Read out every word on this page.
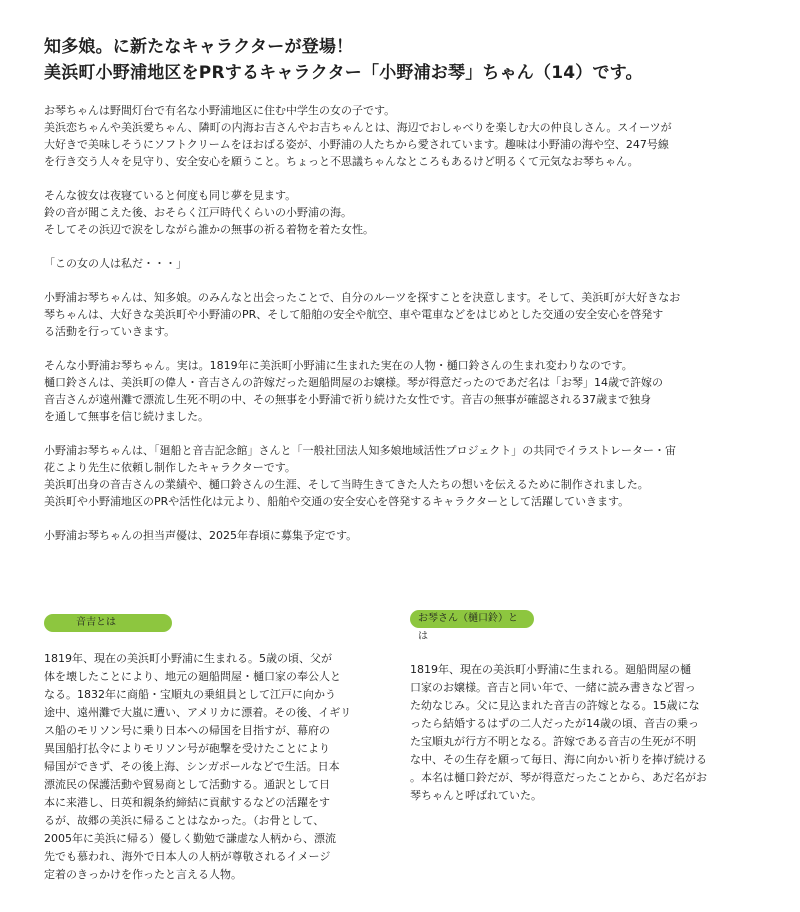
知多娘。に新たなキャラクターが登場！
美浜町小野浦地区をPRするキャラクター「小野浦お琴」ちゃん（14）です。
お琴ちゃんは野間灯台で有名な小野浦地区に住む中学生の女の子です。
美浜恋ちゃんや美浜愛ちゃん、隣町の内海お吉さんやお吉ちゃんとは、海辺でおしゃべりを楽しむ大の仲良しさん。スイーツが
大好きで美味しそうにソフトクリームをほおばる姿が、小野浦の人たちから愛されています。趣味は小野浦の海や空、247号線
を行き交う人々を見守り、安全安心を願うこと。ちょっと不思議ちゃんなところもあるけど明るくて元気なお琴ちゃん。
そんな彼女は夜寝ていると何度も同じ夢を見ます。
鈴の音が聞こえた後、おそらく江戸時代くらいの小野浦の海。
そしてその浜辺で涙をしながら誰かの無事の祈る着物を着た女性。
「この女の人は私だ・・・」
小野浦お琴ちゃんは、知多娘。のみんなと出会ったことで、自分のルーツを探すことを決意します。そして、美浜町が大好きなお
琴ちゃんは、大好きな美浜町や小野浦のPR、そして船舶の安全や航空、車や電車などをはじめとした交通の安全安心を啓発す
る活動を行っていきます。
そんな小野浦お琴ちゃん。実は。1819年に美浜町小野浦に生まれた実在の人物・樋口鈴さんの生まれ変わりなのです。
樋口鈴さんは、美浜町の偉人・音吉さんの許嫁だった廻船問屋のお嬢様。琴が得意だったのであだ名は「お琴」14歳で許嫁の
音吉さんが遠州灘で漂流し生死不明の中、その無事を小野浦で祈り続けた女性です。音吉の無事が確認される37歳まで独身
を通して無事を信じ続けました。
小野浦お琴ちゃんは、「廻船と音吉記念館」さんと「一般社団法人知多娘地域活性プロジェクト」の共同でイラストレーター・宙
花こより先生に依頼し制作したキャラクターです。
美浜町出身の音吉さんの業績や、樋口鈴さんの生涯、そして当時生きてきた人たちの想いを伝えるために制作されました。
美浜町や小野浦地区のPRや活性化は元より、船舶や交通の安全安心を啓発するキャラクターとして活躍していきます。
小野浦お琴ちゃんの担当声優は、2025年春頃に募集予定です。
音吉とは
1819年、現在の美浜町小野浦に生まれる。5歳の頃、父が
体を壊したことにより、地元の廻船問屋・樋口家の奉公人と
なる。1832年に商船・宝順丸の乗組員として江戸に向かう
途中、遠州灘で大嵐に遭い、アメリカに漂着。その後、イギリ
ス船のモリソン号に乗り日本への帰国を目指すが、幕府の
異国船打払令によりモリソン号が砲撃を受けたことにより
帰国ができず、その後上海、シンガポールなどで生活。日本
漂流民の保護活動や貿易商として活動する。通訳として日
本に来港し、日英和親条約締結に貢献するなどの活躍をす
るが、故郷の美浜に帰ることはなかった。（お骨として、
2005年に美浜に帰る）優しく勤勉で謙虚な人柄から、漂流
先でも慕われ、海外で日本人の人柄が尊敬されるイメージ
定着のきっかけを作ったと言える人物。
お琴さん（樋口鈴）とは
1819年、現在の美浜町小野浦に生まれる。廻船問屋の樋
口家のお嬢様。音吉と同い年で、一緒に読み書きなど習っ
た幼なじみ。父に見込まれた音吉の許嫁となる。15歳にな
ったら結婚するはずの二人だったが14歳の頃、音吉の乗っ
た宝順丸が行方不明となる。許嫁である音吉の生死が不明
な中、その生存を願って毎日、海に向かい祈りを捧げ続ける
。本名は樋口鈴だが、琴が得意だったことから、あだ名がお
琴ちゃんと呼ばれていた。
